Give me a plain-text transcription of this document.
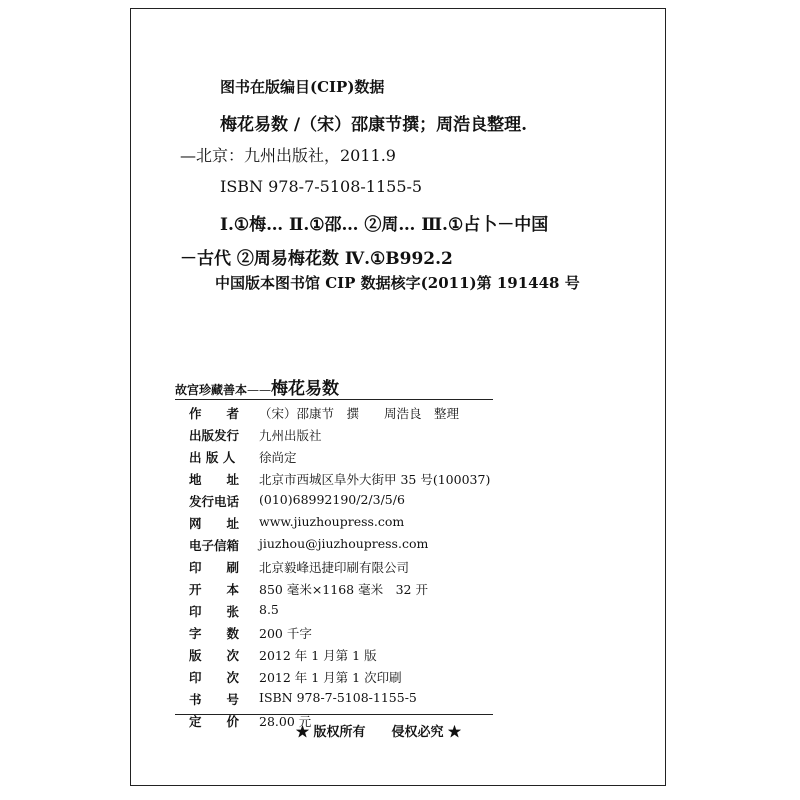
图书在版编目(CIP)数据
梅花易数 /（宋）邵康节撰；周浩良整理.
—北京：九州出版社，2011.9
ISBN 978-7-5108-1155-5
Ⅰ.①梅… Ⅱ.①邵… ②周… Ⅲ.①占卜－中国
－古代 ②周易梅花数 Ⅳ.①B992.2
中国版本图书馆 CIP 数据核字(2011)第 191448 号
故宫珍藏善本——梅花易数
作　　者	（宋）邵康节　撰　　周浩良　整理
出版发行	九州出版社
出 版 人	徐尚定
地　　址	北京市西城区阜外大街甲 35 号(100037)
发行电话	(010)68992190/2/3/5/6
网　　址	www.jiuzhoupress.com
电子信箱	jiuzhou@jiuzhoupress.com
印　　刷	北京毅峰迅捷印刷有限公司
开　　本	850 毫米×1168 毫米　32 开
印　　张	8.5
字　　数	200 千字
版　　次	2012 年 1 月第 1 版
印　　次	2012 年 1 月第 1 次印刷
书　　号	ISBN 978-7-5108-1155-5
定　　价	28.00 元
★ 版权所有　　侵权必究 ★
